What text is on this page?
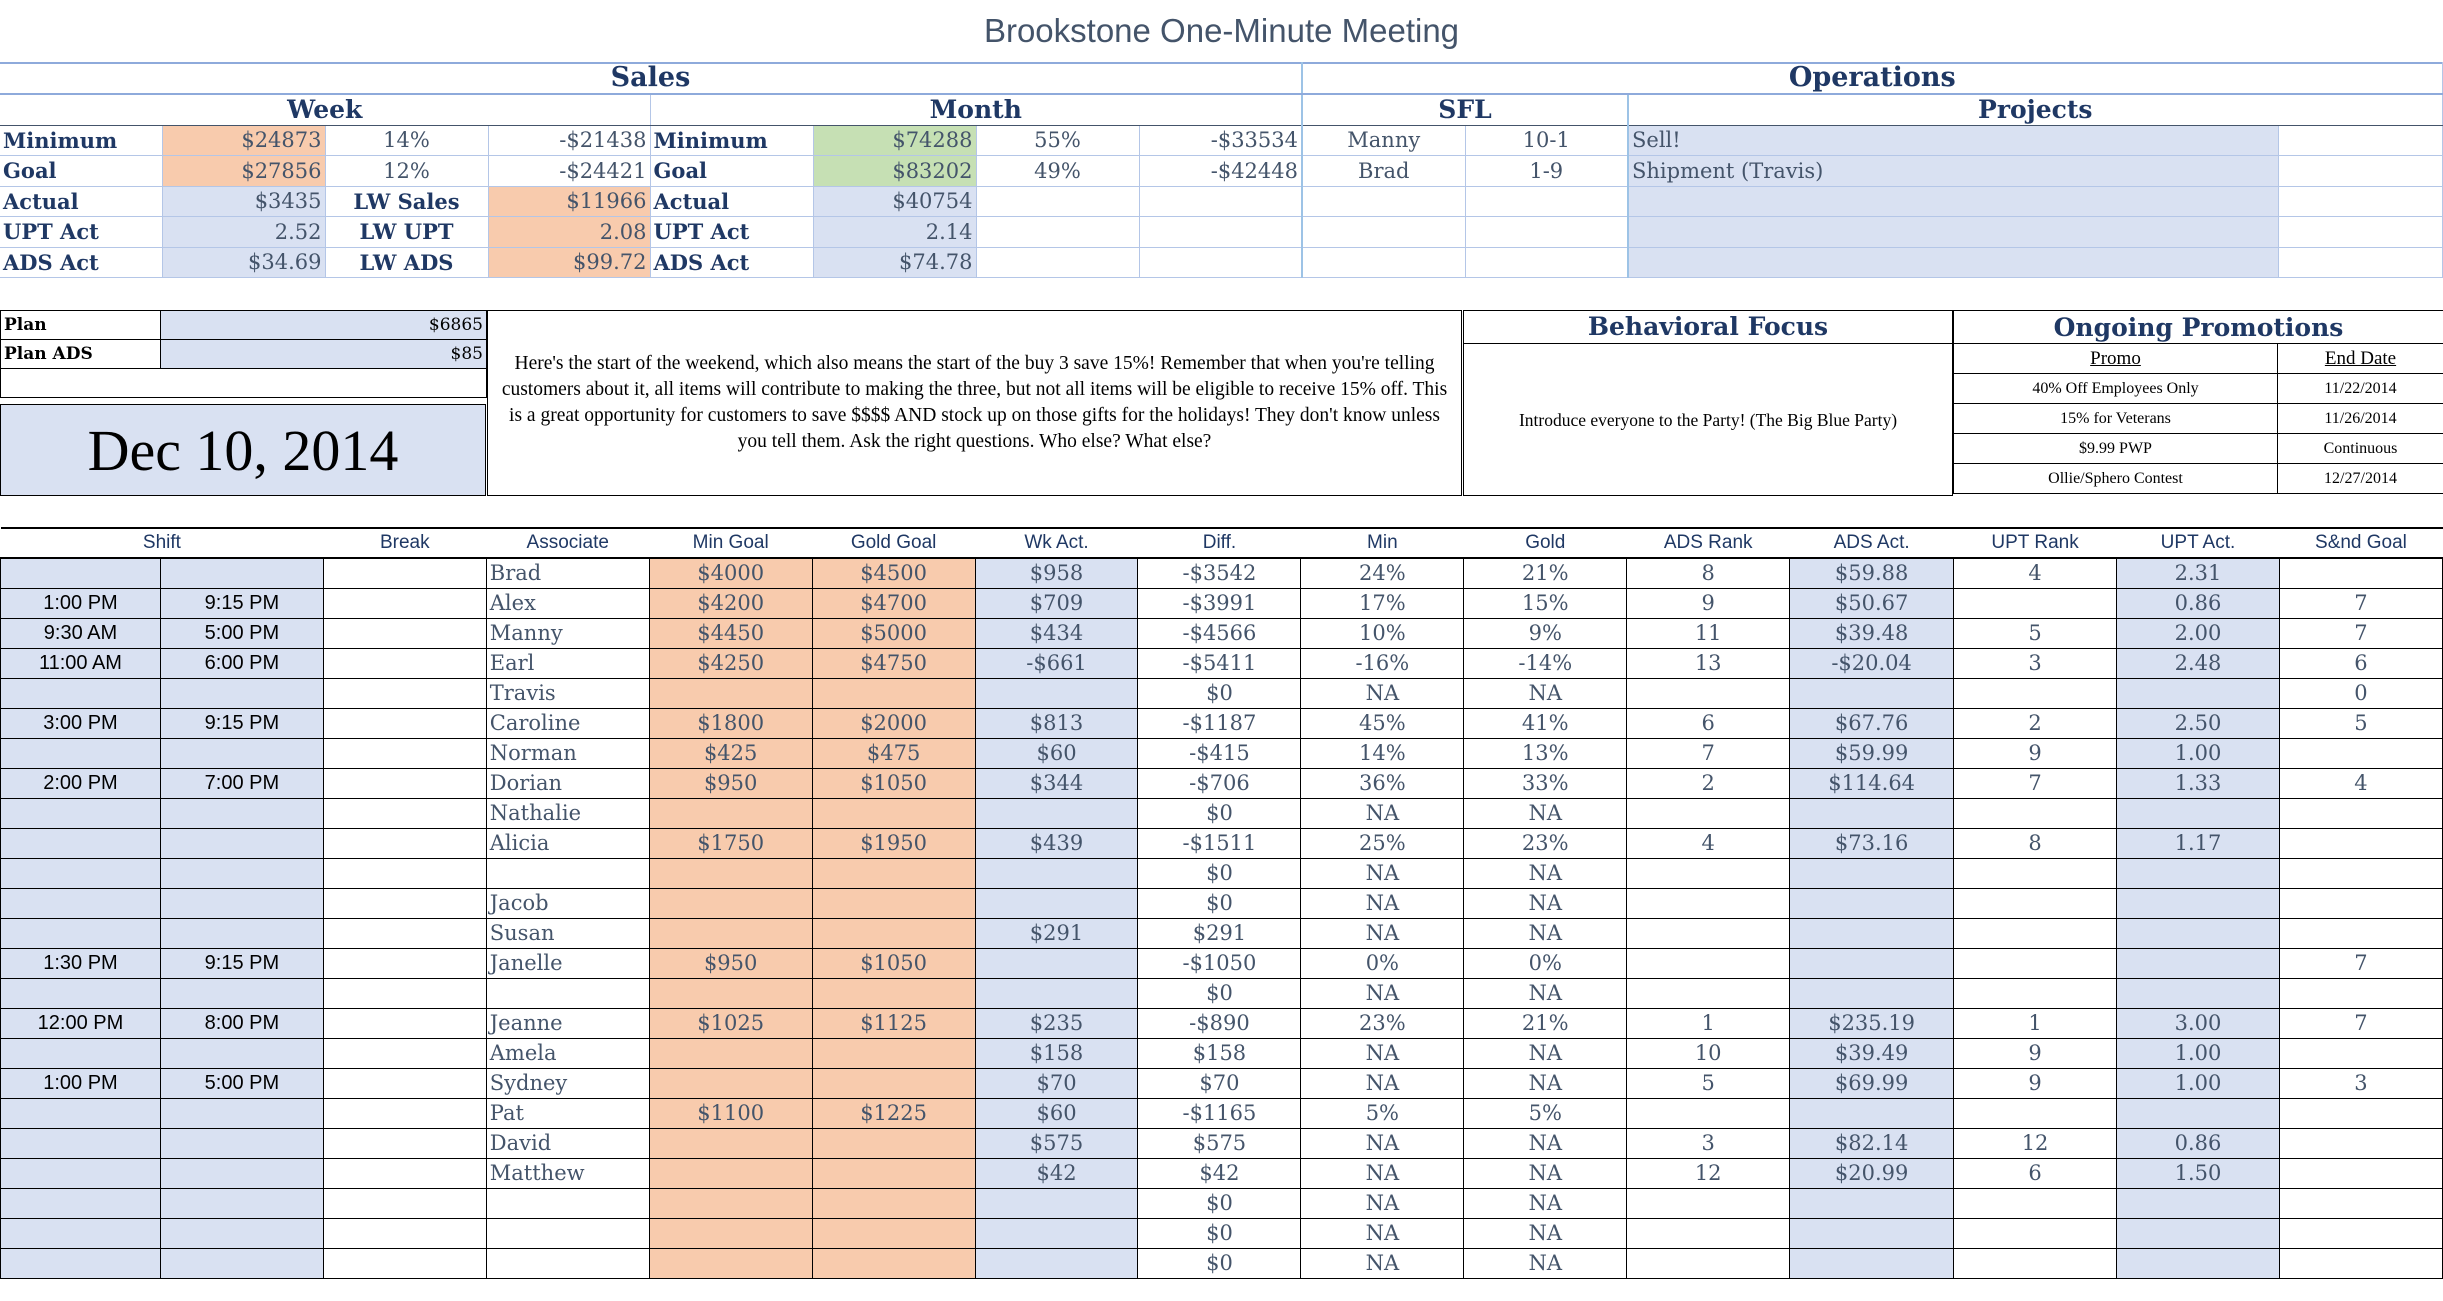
Brookstone One-Minute Meeting
Sales								Operations			
Week				Month				SFL		Projects	
Minimum	$24873	14%	-$21438	Minimum	$74288	55%	-$33534	Manny	10-1	Sell!	
Goal	$27856	12%	-$24421	Goal	$83202	49%	-$42448	Brad	1-9	Shipment (Travis)	
Actual	$3435	LW Sales	$11966	Actual	$40754						
UPT Act	2.52	LW UPT	2.08	UPT Act	2.14						
ADS Act	$34.69	LW ADS	$99.72	ADS Act	$74.78						
Plan	$6865
Plan ADS	$85

Dec 10, 2014
Here's the start of the weekend, which also means the start of the buy 3 save 15%! Remember that when you're telling customers about it, all items will contribute to making the three, but not all items will be eligible to receive 15% off. This is a great opportunity for customers to save $$$$ AND stock up on those gifts for the holidays! They don't know unless you tell them. Ask the right questions. Who else? What else?
Behavioral Focus
Introduce everyone to the Party! (The Big Blue Party)
Ongoing Promotions	
Promo	End Date
40% Off Employees Only	11/22/2014
15% for Veterans	11/26/2014
$9.99 PWP	Continuous
Ollie/Sphero Contest	12/27/2014
Shift		Break	Associate	Min Goal	Gold Goal	Wk Act.	Diff.	Min	Gold	ADS Rank	ADS Act.	UPT Rank	UPT Act.	S&nd Goal
			Brad	$4000	$4500	$958	-$3542	24%	21%	8	$59.88	4	2.31	
1:00 PM	9:15 PM		Alex	$4200	$4700	$709	-$3991	17%	15%	9	$50.67		0.86	7
9:30 AM	5:00 PM		Manny	$4450	$5000	$434	-$4566	10%	9%	11	$39.48	5	2.00	7
11:00 AM	6:00 PM		Earl	$4250	$4750	-$661	-$5411	-16%	-14%	13	-$20.04	3	2.48	6
			Travis				$0	NA	NA					0
3:00 PM	9:15 PM		Caroline	$1800	$2000	$813	-$1187	45%	41%	6	$67.76	2	2.50	5
			Norman	$425	$475	$60	-$415	14%	13%	7	$59.99	9	1.00	
2:00 PM	7:00 PM		Dorian	$950	$1050	$344	-$706	36%	33%	2	$114.64	7	1.33	4
			Nathalie				$0	NA	NA					
			Alicia	$1750	$1950	$439	-$1511	25%	23%	4	$73.16	8	1.17	
							$0	NA	NA					
			Jacob				$0	NA	NA					
			Susan			$291	$291	NA	NA					
1:30 PM	9:15 PM		Janelle	$950	$1050		-$1050	0%	0%					7
							$0	NA	NA					
12:00 PM	8:00 PM		Jeanne	$1025	$1125	$235	-$890	23%	21%	1	$235.19	1	3.00	7
			Amela			$158	$158	NA	NA	10	$39.49	9	1.00	
1:00 PM	5:00 PM		Sydney			$70	$70	NA	NA	5	$69.99	9	1.00	3
			Pat	$1100	$1225	$60	-$1165	5%	5%					
			David			$575	$575	NA	NA	3	$82.14	12	0.86	
			Matthew			$42	$42	NA	NA	12	$20.99	6	1.50	
							$0	NA	NA					
							$0	NA	NA					
							$0	NA	NA					
